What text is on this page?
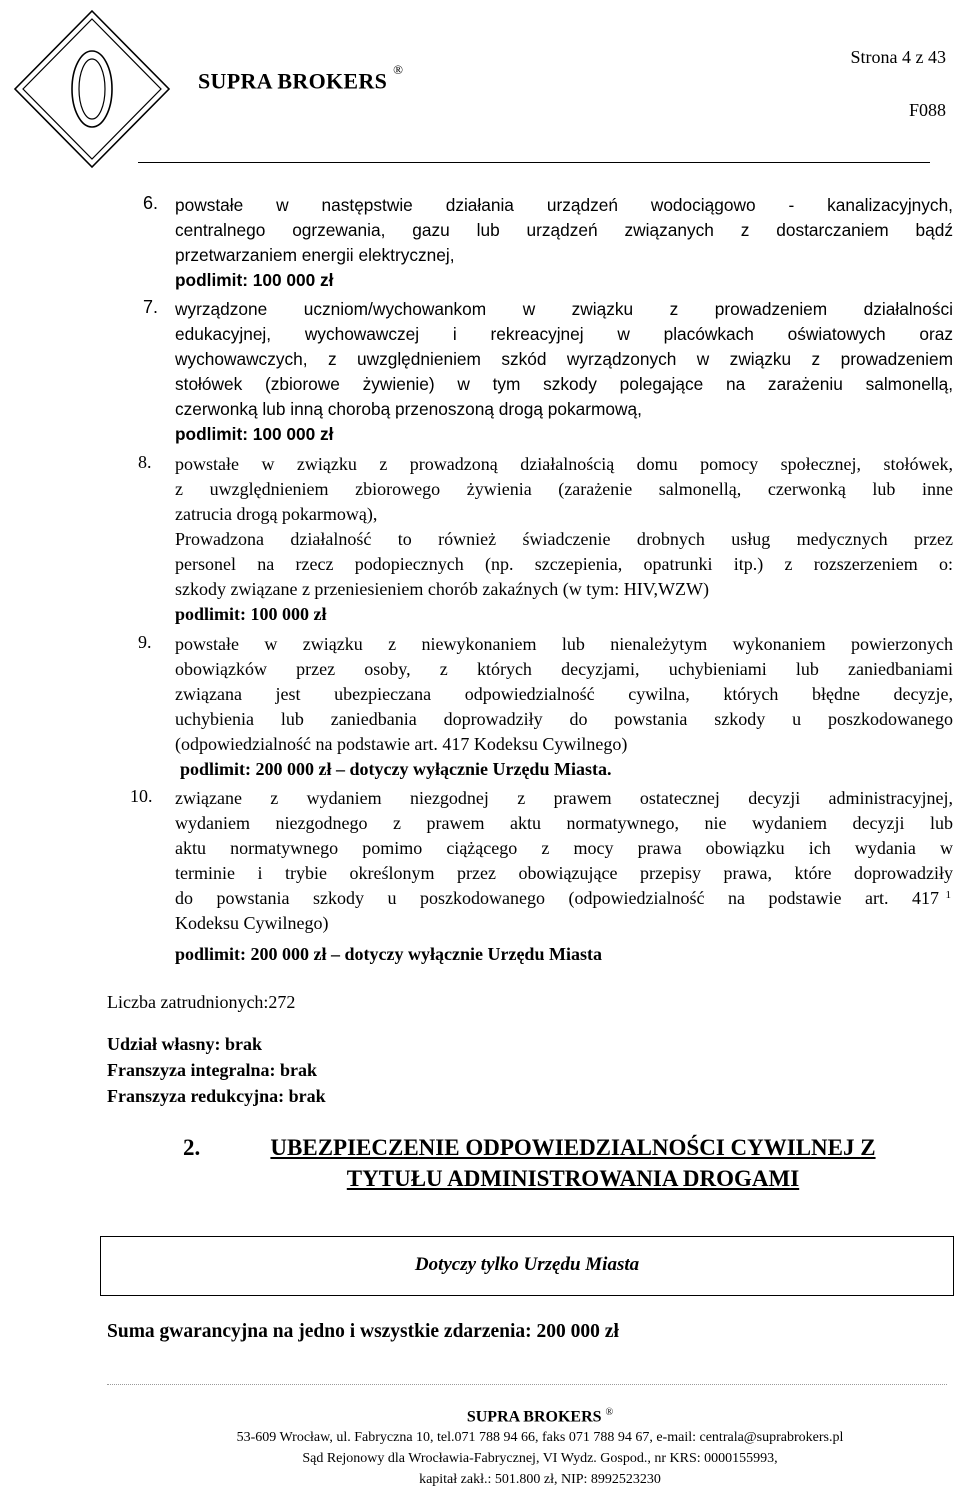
SUPRA BROKERS ®
Strona 4 z 43
F088
6. powstałe w następstwie działania urządzeń wodociągowo - kanalizacyjnych,

centralnego ogrzewania, gazu lub urządzeń związanych z dostarczaniem bądź

przetwarzaniem energii elektrycznej,

podlimit: 100 000 zł

7. wyrządzone uczniom/wychowankom w związku z prowadzeniem działalności

edukacyjnej, wychowawczej i rekreacyjnej w placówkach oświatowych oraz

wychowawczych, z uwzględnieniem szkód wyrządzonych w związku z prowadzeniem

stołówek (zbiorowe żywienie) w tym szkody polegające na zarażeniu salmonellą,

czerwonką lub inną chorobą przenoszoną drogą pokarmową,

podlimit: 100 000 zł

8. powstałe w związku z prowadzoną działalnością domu pomocy społecznej, stołówek,

z uwzględnieniem zbiorowego żywienia (zarażenie salmonellą, czerwonką lub inne

zatrucia drogą pokarmową),

Prowadzona działalność to również świadczenie drobnych usług medycznych przez

personel na rzecz podopiecznych (np. szczepienia, opatrunki itp.) z rozszerzeniem o:

szkody związane z przeniesieniem chorób zakaźnych (w tym: HIV,WZW)

podlimit: 100 000 zł

9. powstałe w związku z niewykonaniem lub nienależytym wykonaniem powierzonych

obowiązków przez osoby, z których decyzjami, uchybieniami lub zaniedbaniami

związana jest ubezpieczana odpowiedzialność cywilna, których błędne decyzje,

uchybienia lub zaniedbania doprowadziły do powstania szkody u poszkodowanego

(odpowiedzialność na podstawie art. 417 Kodeksu Cywilnego)

podlimit: 200 000 zł – dotyczy wyłącznie Urzędu Miasta.

10. związane z wydaniem niezgodnej z prawem ostatecznej decyzji administracyjnej,

wydaniem niezgodnego z prawem aktu normatywnego, nie wydaniem decyzji lub

aktu normatywnego pomimo ciążącego z mocy prawa obowiązku ich wydania w

terminie i trybie określonym przez obowiązujące przepisy prawa, które doprowadziły

do powstania szkody u poszkodowanego (odpowiedzialność na podstawie art. 417 1

Kodeksu Cywilnego)

podlimit: 200 000 zł – dotyczy wyłącznie Urzędu Miasta

Liczba zatrudnionych:272
Udział własny: brak
Franszyza integralna: brak
Franszyza redukcyjna: brak
2.	UBEZPIECZENIE ODPOWIEDZIALNOŚCI CYWILNEJ Z
TYTUŁU ADMINISTROWANIA DROGAMI
Dotyczy tylko Urzędu Miasta
Suma gwarancyjna na jedno i wszystkie zdarzenia: 200 000 zł
SUPRA BROKERS ®
53-609 Wrocław, ul. Fabryczna 10, tel.071 788 94 66, faks 071 788 94 67, e-mail: centrala@suprabrokers.pl
Sąd Rejonowy dla Wrocławia-Fabrycznej, VI Wydz. Gospod., nr KRS: 0000155993,
kapitał zakł.: 501.800 zł, NIP: 8992523230
